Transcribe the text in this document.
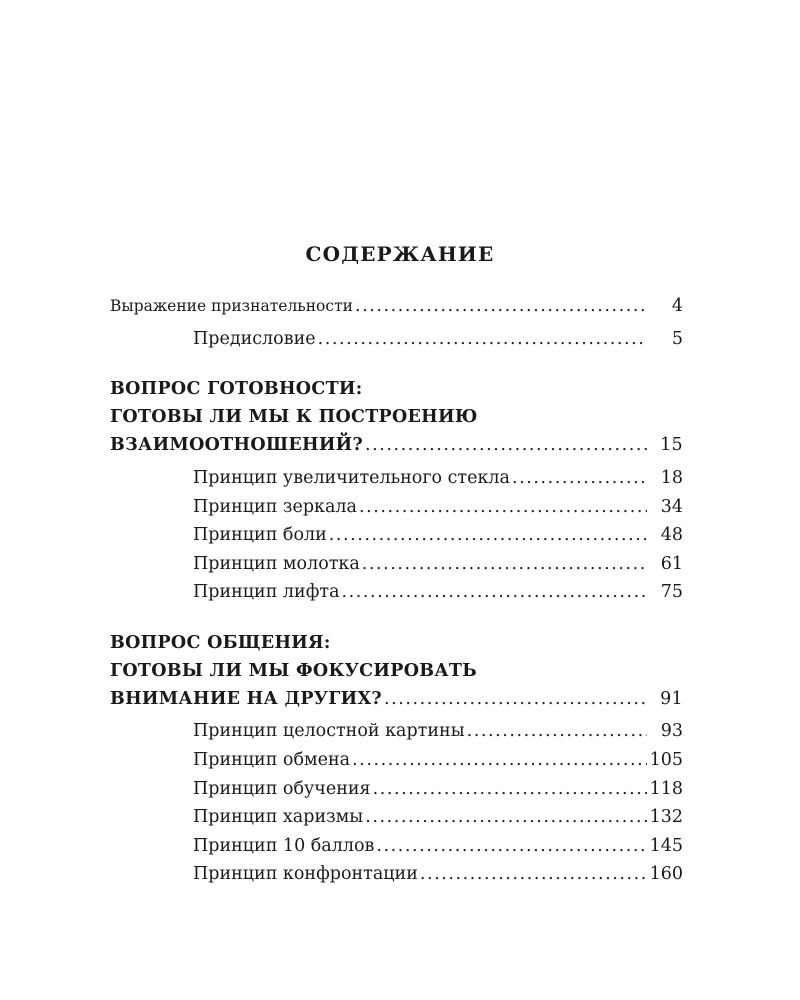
СОДЕРЖАНИЕ
Выражение признательности . . .	4
Предисловие . . .	5
ВОПРОС ГОТОВНОСТИ:
ГОТОВЫ ЛИ МЫ К ПОСТРОЕНИЮ
ВЗАИМООТНОШЕНИЙ? . . .	15
Принцип увеличительного стекла . . .	18
Принцип зеркала . . .	34
Принцип боли . . .	48
Принцип молотка . . .	61
Принцип лифта . . .	75
ВОПРОС ОБЩЕНИЯ:
ГОТОВЫ ЛИ МЫ ФОКУСИРОВАТЬ
ВНИМАНИЕ НА ДРУГИХ? . . .	91
Принцип целостной картины . . .	93
Принцип обмена . . .	105
Принцип обучения . . .	118
Принцип харизмы . . .	132
Принцип 10 баллов . . .	145
Принцип конфронтации . . .	160
